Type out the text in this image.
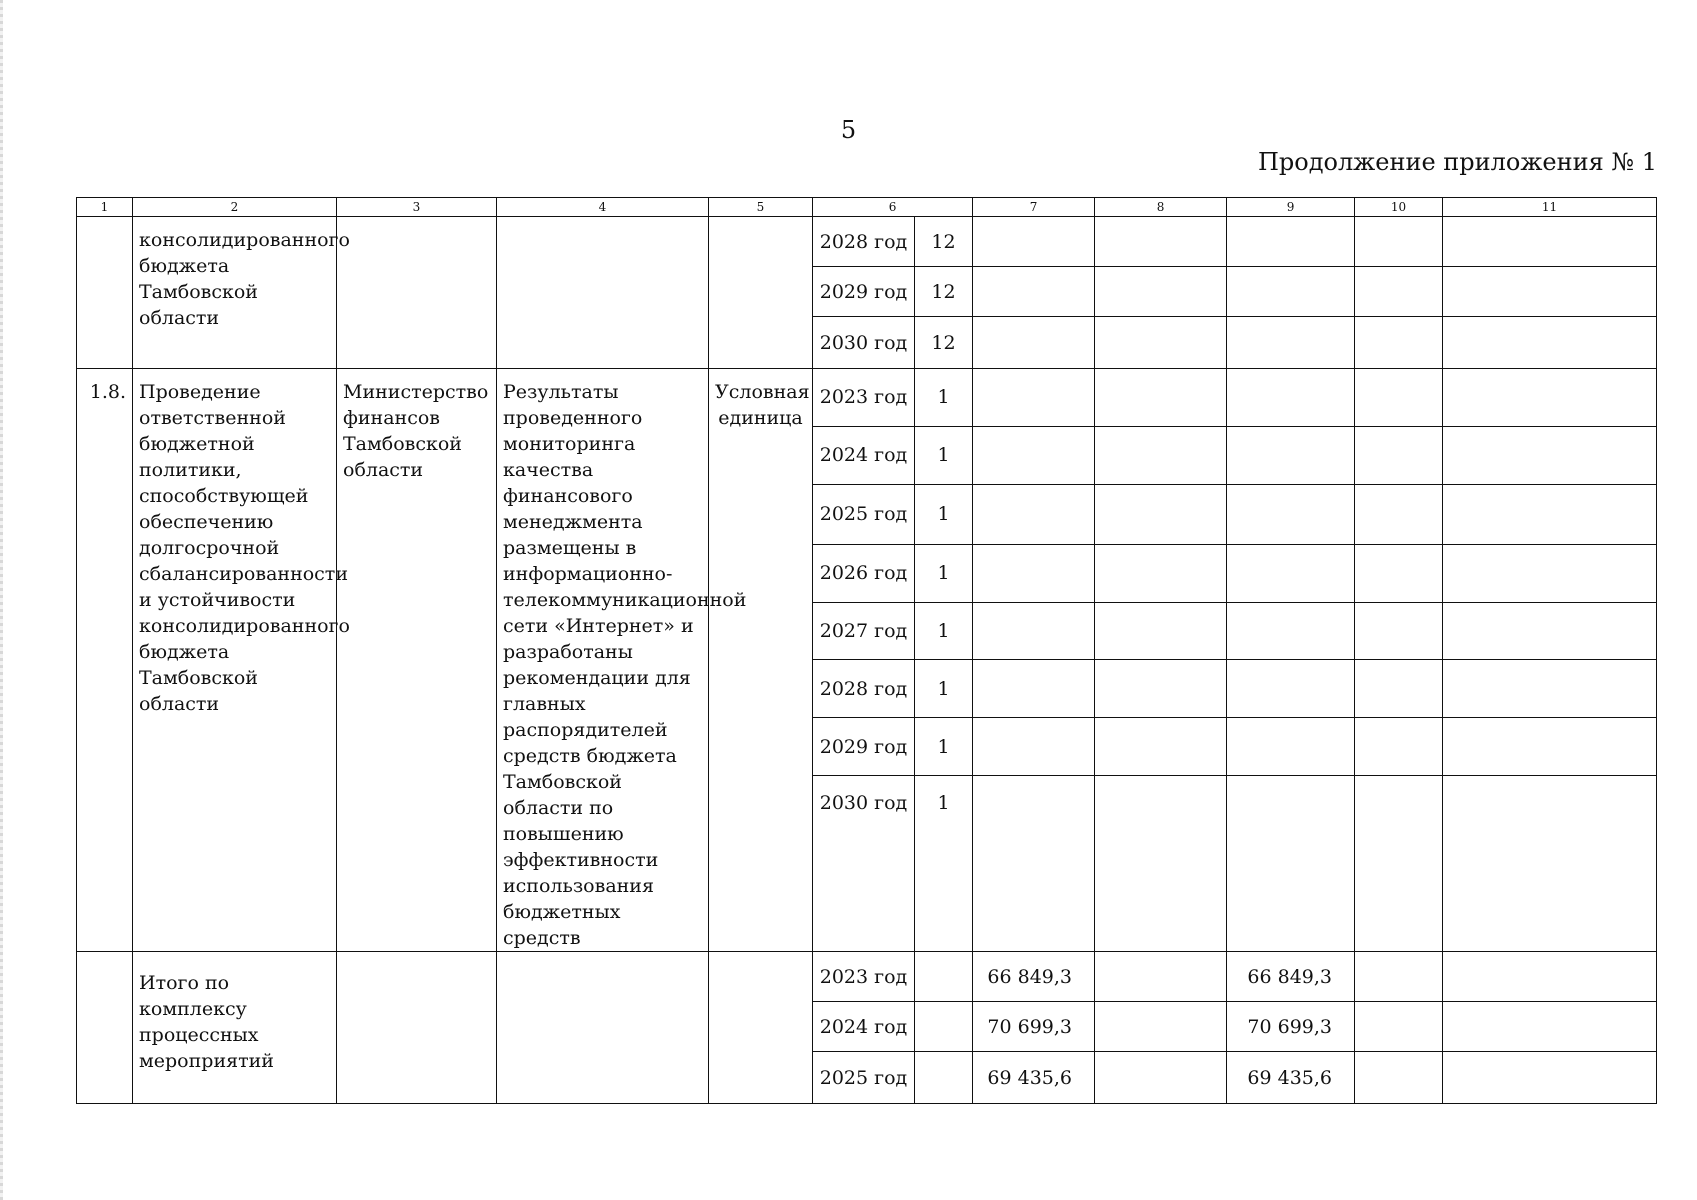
5
Продолжение приложения № 1
1	2	3	4	5	6		7	8	9	10	11
	консолидированного бюджета Тамбовской области				2028 год	12					
					2029 год	12					
					2030 год	12					
1.8.	Проведение ответственной бюджетной политики, способствующей обеспечению долгосрочной сбалансированности и устойчивости консолидированного бюджета Тамбовской области	Министерство финансов Тамбовской области	Результаты проведенного мониторинга качества финансового менеджмента размещены в информационно-телекоммуникационной сети «Интернет» и разработаны рекомендации для главных распорядителей средств бюджета Тамбовской области по повышению эффективности использования бюджетных средств	Условная единица	2023 год	1					
					2024 год	1					
					2025 год	1					
					2026 год	1					
					2027 год	1					
					2028 год	1					
					2029 год	1					
					2030 год	1					
	Итого по комплексу процессных мероприятий				2023 год		66 849,3		66 849,3		
					2024 год		70 699,3		70 699,3		
					2025 год		69 435,6		69 435,6		
